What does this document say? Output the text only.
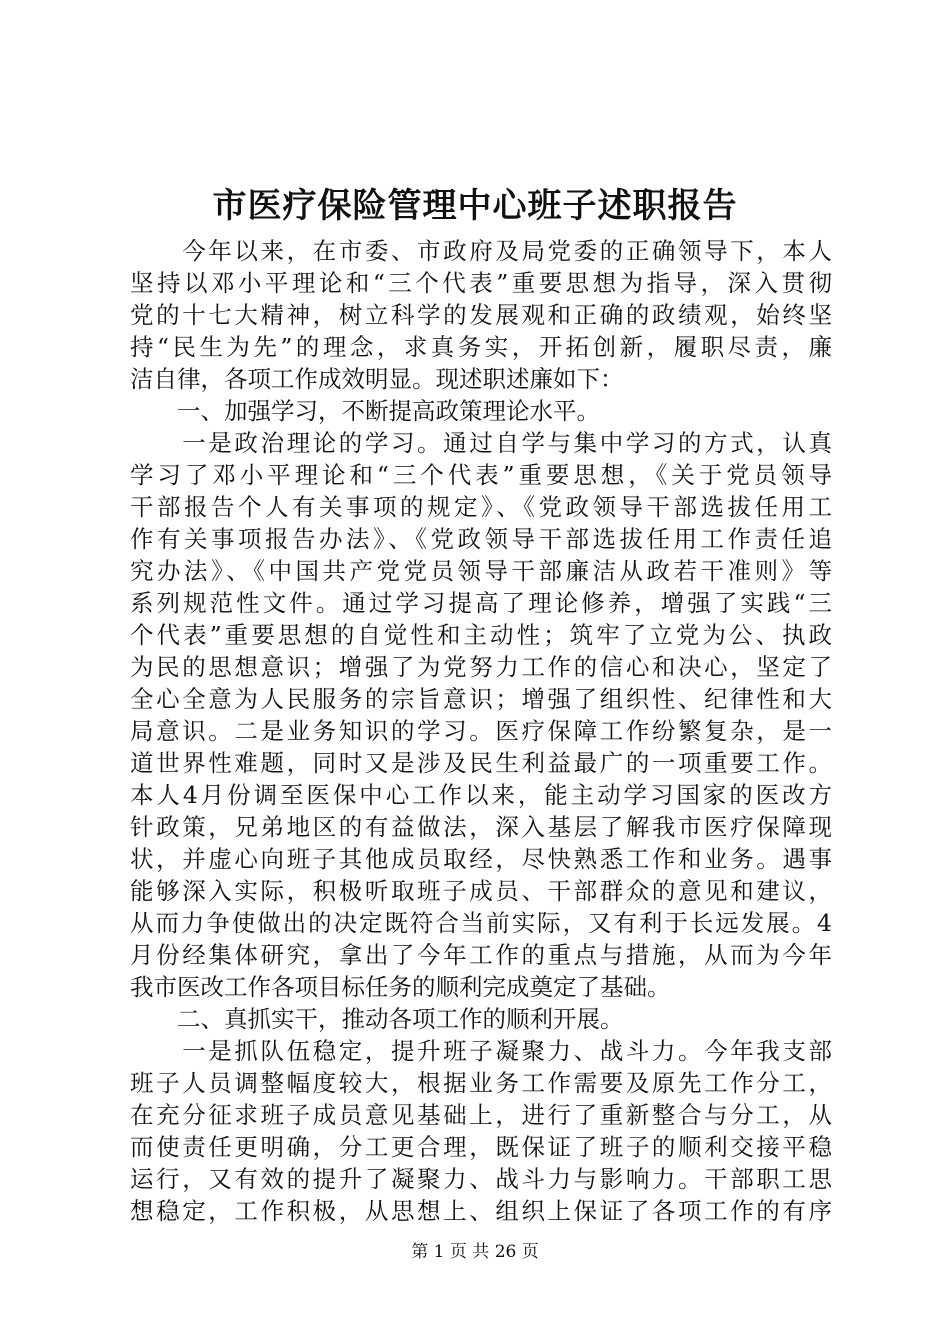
市医疗保险管理中心班子述职报告
　　今年以来，在市委、市政府及局党委的正确领导下，本人
坚持以邓小平理论和“三个代表”重要思想为指导，深入贯彻
党的十七大精神，树立科学的发展观和正确的政绩观，始终坚
持“民生为先”的理念，求真务实，开拓创新，履职尽责，廉
洁自律，各项工作成效明显。现述职述廉如下：
　　一、加强学习，不断提高政策理论水平。
　　一是政治理论的学习。通过自学与集中学习的方式，认真
学习了邓小平理论和“三个代表”重要思想，《关于党员领导
干部报告个人有关事项的规定》、《党政领导干部选拔任用工
作有关事项报告办法》、《党政领导干部选拔任用工作责任追
究办法》、《中国共产党党员领导干部廉洁从政若干准则》等
系列规范性文件。通过学习提高了理论修养，增强了实践“三
个代表”重要思想的自觉性和主动性；筑牢了立党为公、执政
为民的思想意识；增强了为党努力工作的信心和决心，坚定了
全心全意为人民服务的宗旨意识；增强了组织性、纪律性和大
局意识。二是业务知识的学习。医疗保障工作纷繁复杂，是一
道世界性难题，同时又是涉及民生利益最广的一项重要工作。
本人4月份调至医保中心工作以来，能主动学习国家的医改方
针政策，兄弟地区的有益做法，深入基层了解我市医疗保障现
状，并虚心向班子其他成员取经，尽快熟悉工作和业务。遇事
能够深入实际，积极听取班子成员、干部群众的意见和建议，
从而力争使做出的决定既符合当前实际，又有利于长远发展。4
月份经集体研究，拿出了今年工作的重点与措施，从而为今年
我市医改工作各项目标任务的顺利完成奠定了基础。
　　二、真抓实干，推动各项工作的顺利开展。
　　一是抓队伍稳定，提升班子凝聚力、战斗力。今年我支部
班子人员调整幅度较大，根据业务工作需要及原先工作分工，
在充分征求班子成员意见基础上，进行了重新整合与分工，从
而使责任更明确，分工更合理，既保证了班子的顺利交接平稳
运行，又有效的提升了凝聚力、战斗力与影响力。干部职工思
想稳定，工作积极，从思想上、组织上保证了各项工作的有序
第 1 页 共 26 页
